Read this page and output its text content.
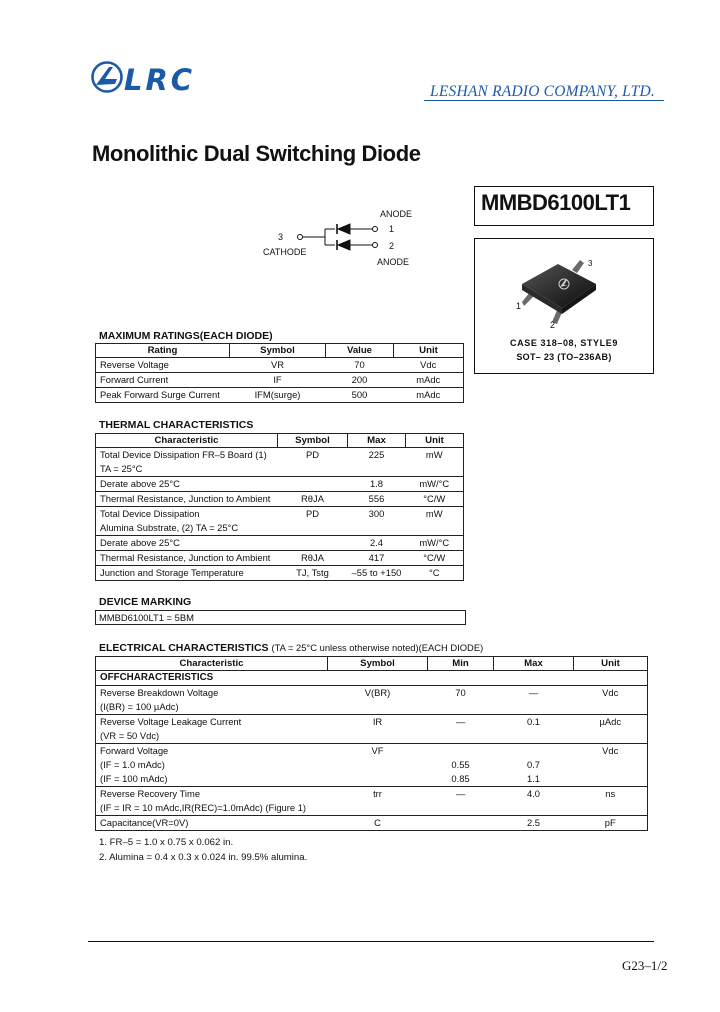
LRC	LESHAN RADIO COMPANY, LTD.
Monolithic Dual Switching Diode
MMBD6100LT1
1
2
3
CASE 318–08, STYLE9
SOT– 23 (TO–236AB)
ANODE
1
3
CATHODE
2
ANODE
MAXIMUM RATINGS(EACH DIODE)
Rating	Symbol	Value	Unit
Reverse Voltage	VR	70	Vdc
Forward Current	IF	200	mAdc
Peak Forward Surge Current	IFM(surge)	500	mAdc
THERMAL CHARACTERISTICS
Characteristic	Symbol	Max	Unit
Total Device Dissipation FR–5 Board (1)	PD	225	mW
TA = 25°C			
Derate above 25°C		1.8	mW/°C
Thermal Resistance, Junction to Ambient	RθJA	556	°C/W
Total Device Dissipation	PD	300	mW
Alumina Substrate, (2) TA = 25°C			
Derate above 25°C		2.4	mW/°C
Thermal Resistance, Junction to Ambient	RθJA	417	°C/W
Junction and Storage Temperature	TJ, Tstg	–55 to +150	°C
DEVICE MARKING
MMBD6100LT1 = 5BM
ELECTRICAL CHARACTERISTICS (TA = 25°C unless otherwise noted)(EACH DIODE)
Characteristic	Symbol	Min	Max	Unit
OFFCHARACTERISTICS				
Reverse Breakdown Voltage	V(BR)	70	—	Vdc
(I(BR) = 100 µAdc)				
Reverse Voltage Leakage Current	IR	—	0.1	µAdc
(VR = 50 Vdc)				
Forward Voltage	VF			Vdc
(IF = 1.0 mAdc)		0.55	0.7	
(IF = 100 mAdc)		0.85	1.1	
Reverse Recovery Time	trr	—	4.0	ns
(IF = IR = 10 mAdc,IR(REC)=1.0mAdc) (Figure 1)				
Capacitance(VR=0V)	C		2.5	pF
1. FR–5 = 1.0 x 0.75 x 0.062 in.
2. Alumina = 0.4 x 0.3 x 0.024 in. 99.5% alumina.
G23–1/2
